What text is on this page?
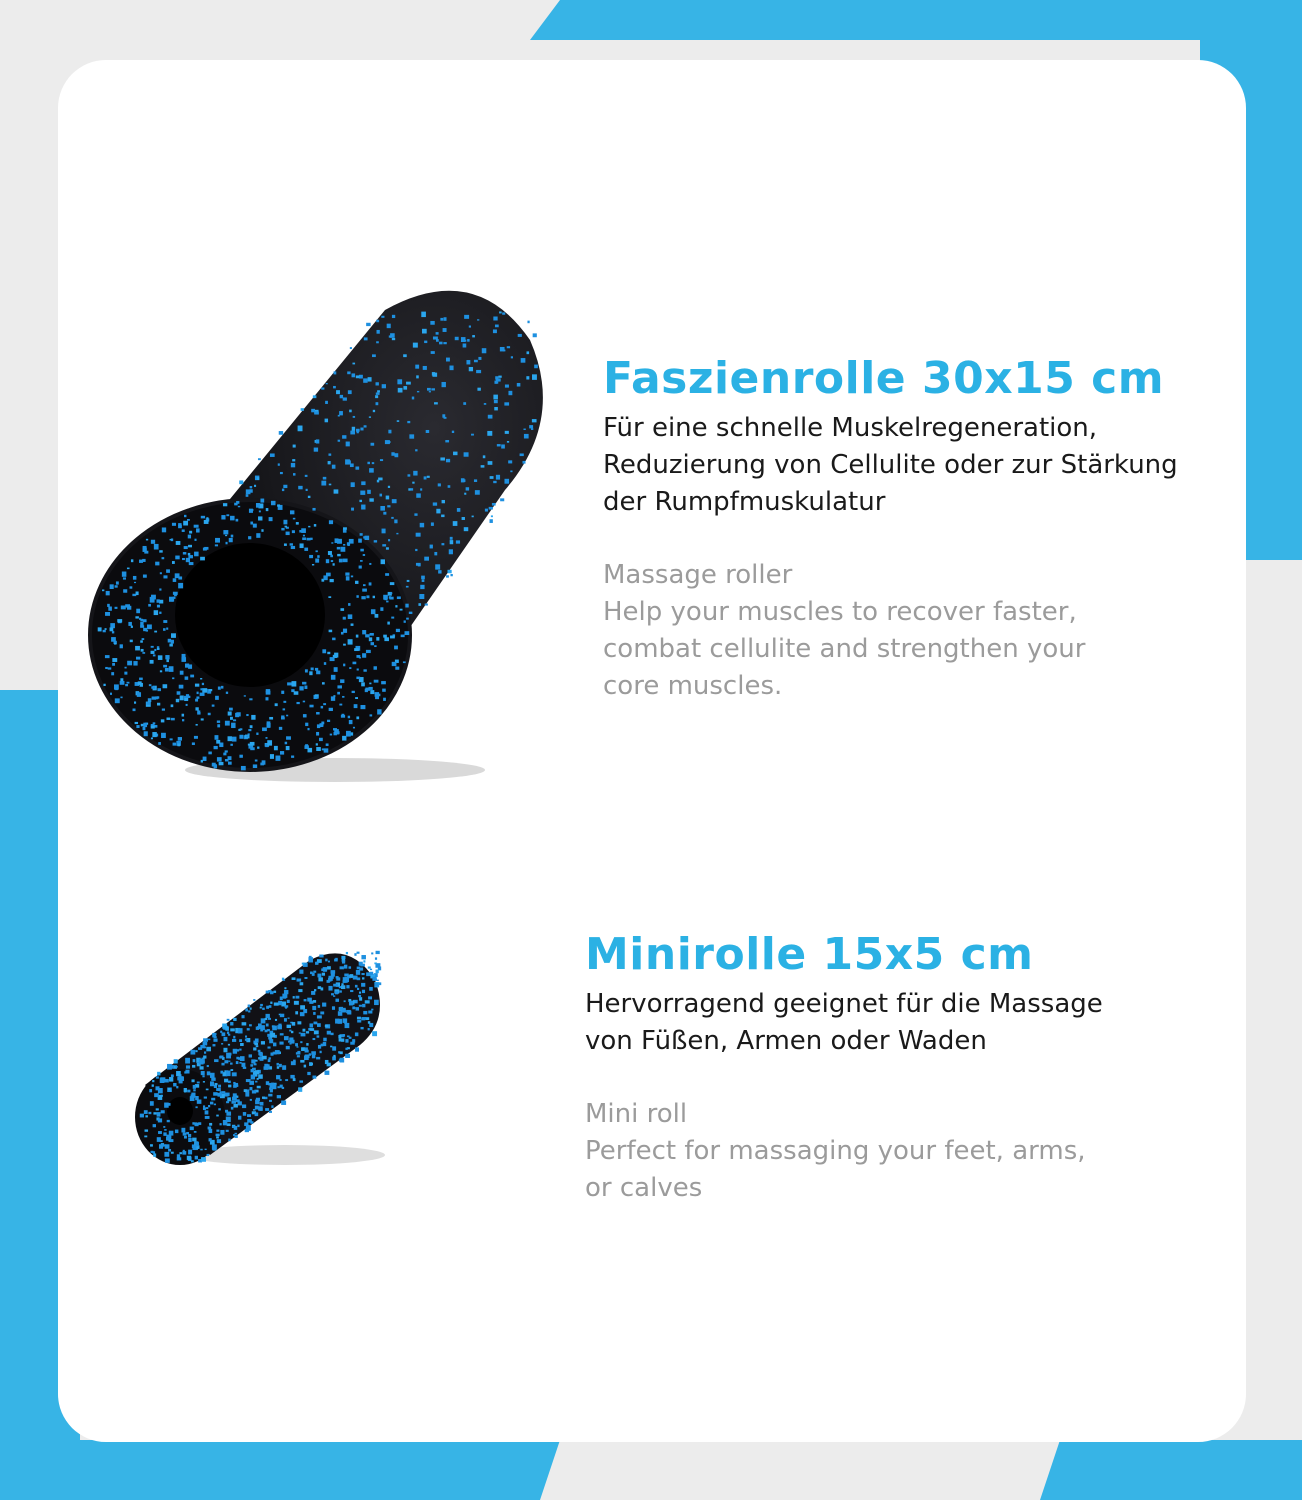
Faszienrolle 30x15 cm

Für eine schnelle Muskelregeneration,

Reduzierung von Cellulite oder zur Stärkung

der Rumpfmuskulatur

Massage roller

Help your muscles to recover faster,

combat cellulite and strengthen your

core muscles.

Minirolle 15x5 cm

Hervorragend geeignet für die Massage

von Füßen, Armen oder Waden

Mini roll

Perfect for massaging your feet, arms,

or calves
